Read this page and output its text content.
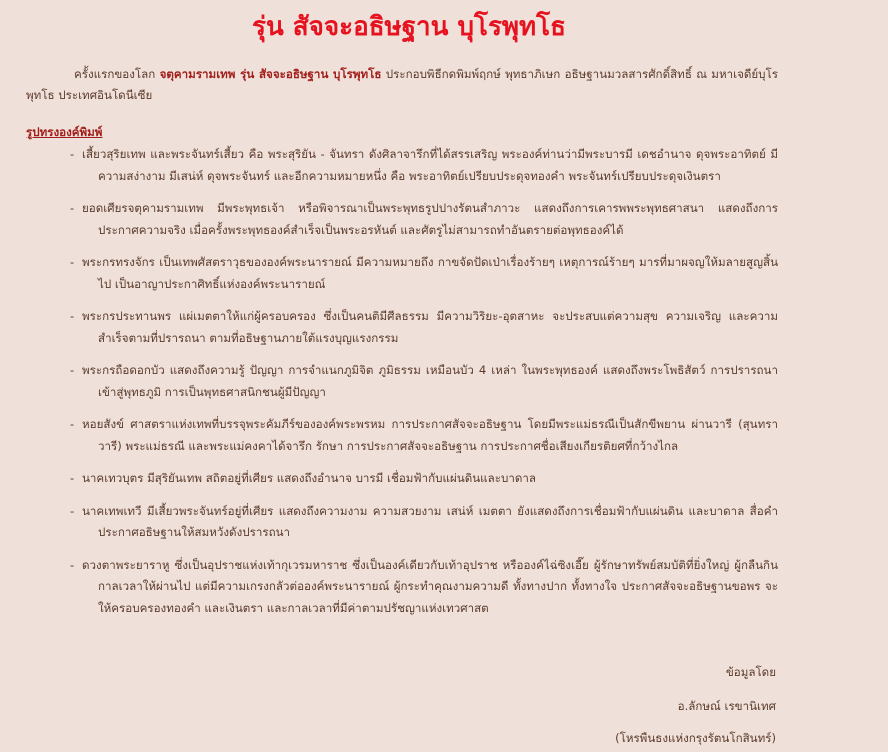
รุ่น สัจจะอธิษฐาน บุโรพุทโธ

ครั้งแรกของโลก จตุคามรามเทพ รุ่น สัจจะอธิษฐาน บุโรพุทโธ ประกอบพิธีกดพิมพ์ฤกษ์ พุทธาภิเษก อธิษฐานมวลสารศักดิ์สิทธิ์ ณ มหาเจดีย์บุโรพุทโธ ประเทศอินโดนีเซีย

รูปทรงองค์พิมพ์

- เสี้ยวสุริยเทพ และพระจันทร์เสี้ยว คือ พระสุริยัน - จันทรา ดังศิลาจารึกที่ได้สรรเสริญ พระองค์ท่านว่ามีพระบารมี เดชอำนาจ ดุจพระอาทิตย์ มีความสง่างาม มีเสน่ห์ ดุจพระจันทร์ และอีกความหมายหนึ่ง คือ พระอาทิตย์เปรียบประดุจทองคำ พระจันทร์เปรียบประดุจเงินตรา
- ยอดเศียรจตุคามรามเทพ มีพระพุทธเจ้า หรือพิจารณาเป็นพระพุทธรูปปางรัตนสำภาวะ แสดงถึงการเคารพพระพุทธศาสนา แสดงถึงการประกาศความจริง เมื่อครั้งพระพุทธองค์สำเร็จเป็นพระอรหันต์ และศัตรูไม่สามารถทำอันตรายต่อพุทธองค์ได้
- พระกรทรงจักร เป็นเทพศัสตราวุธขององค์พระนารายณ์ มีความหมายถึง กาขจัดปัดเป่าเรื่องร้ายๆ เหตุการณ์ร้ายๆ มารที่มาผจญให้มลายสูญสิ้นไป เป็นอาญาประกาศิทธิ์แห่งองค์พระนารายณ์
- พระกรประทานพร แผ่เมตตาให้แก่ผู้ครอบครอง ซึ่งเป็นคนติมีศีลธรรม มีความวิริยะ-อุตสาหะ จะประสบแต่ความสุข ความเจริญ และความสำเร็จตามที่ปรารถนา ตามที่อธิษฐานภายใต้แรงบุญแรงกรรม
- พระกรถือดอกบัว แสดงถึงความรู้ ปัญญา การจำแนกภูมิจิต ภูมิธรรม เหมือนบัว 4 เหล่า ในพระพุทธองค์ แสดงถึงพระโพธิสัตว์ การปรารถนาเข้าสู่พุทธภูมิ การเป็นพุทธศาสนิกชนผู้มีปัญญา
- หอยสังข์ ศาสตราแห่งเทพที่บรรจุพระคัมภีร์ขององค์พระพรหม การประกาศสัจจะอธิษฐาน โดยมีพระแม่ธรณีเป็นสักขีพยาน ผ่านวารี (สุนทราวารี) พระแม่ธรณี และพระแม่คงคาได้จารึก รักษา การประกาศสัจจะอธิษฐาน การประกาศชื่อเสียงเกียรติยศที่กว้างไกล
- นาคเทวบุตร มีสุริยันเทพ สถิตอยู่ที่เศียร แสดงถึงอำนาจ บารมี เชื่อมฟ้ากับแผ่นดินและบาดาล
- นาคเทพเทวี มีเสี้ยวพระจันทร์อยู่ที่เศียร แสดงถึงความงาม ความสวยงาม เสน่ห์ เมตตา ยังแสดงถึงการเชื่อมฟ้ากับแผ่นดิน และบาดาล สื่อคำประกาศอธิษฐานให้สมหวังดังปรารถนา
- ดวงตาพระยาราหู ซึ่งเป็นอุปราชแห่งเท้ากุเวรมหาราช ซึ่งเป็นองค์เดียวกับเท้าอุปราช หรือองค์ไฉ่ซิงเอี๊ย ผู้รักษาทรัพย์สมบัติที่ยิ่งใหญ่ ผู้กลืนกินกาลเวลาให้ผ่านไป แต่มีความเกรงกลัวต่อองค์พระนารายณ์ ผู้กระทำคุณงามความดี ทั้งทางปาก ทั้งทางใจ ประกาศสัจจะอธิษฐานขอพร จะให้ครอบครองทองคำ และเงินตรา และกาลเวลาที่มีค่าตามปรัชญาแห่งเทวศาสต

ข้อมูลโดย

อ.ลักษณ์ เรขานิเทศ

(โหรพืนธงแห่งกรุงรัตนโกสินทร์)
